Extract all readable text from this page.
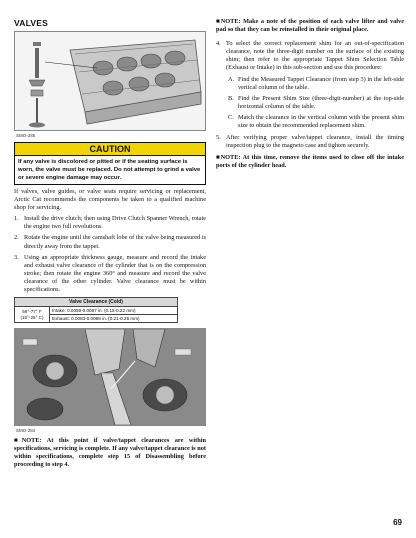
VALVES
SMO-285
CAUTION
If any valve is discolored or pitted or if the seating surface is worn, the valve must be replaced. Do not attempt to grind a valve or severe engine damage may occur.

If valves, valve guides, or valve seats require servicing or replacement, Arctic Cat recommends the components be taken to a qualified machine shop for servicing.

1. Install the drive clutch; then using Drive Clutch Spanner Wrench, rotate the engine two full revolutions.
2. Rotate the engine until the camshaft lobe of the valve being measured is directly away from the tappet.
3. Using an appropriate thickness gauge, measure and record the intake and exhaust valve clearance of the cylinder that is on the compression stroke; then rotate the engine 360° and measure and record the valve clearance of the other cylinder. Valve clearance must be within specifications.
Valve Clearance (Cold)
59°-77° F
(15°-25° C)	Intake: 0.0059-0.0087 in. (0.15-0.22 mm)
Exhaust: 0.0083-0.0098 in. (0.21-0.25 mm)
SMO-284
■NOTE: At this point if valve/tappet clearances are within specifications, servicing is complete. If any valve/tappet clearance is not within specifications, complete step 15 of Disassembling before proceeding to step 4.
■NOTE: Make a note of the position of each valve lifter and valve pad so that they can be reinstalled in their original place.
4. To select the correct replacement shim for an out-of-specification clearance, note the three-digit number on the surface of the existing shim; then refer to the appropriate Tappet Shim Selection Table (Exhaust or Intake) in this sub-section and use this procedure:
A. Find the Measured Tappet Clearance (from step 3) in the left-side vertical column of the table.
B. Find the Present Shim Size (three-digit-number) at the top-side horizontal column of the table.
C. Match the clearance in the vertical column with the present shim size to obtain the recommended replacement shim.
5. After verifying proper valve/tappet clearance, install the timing inspection plug to the magneto case and tighten securely.
■NOTE: At this time, remove the items used to close off the intake ports of the cylinder head.
69
